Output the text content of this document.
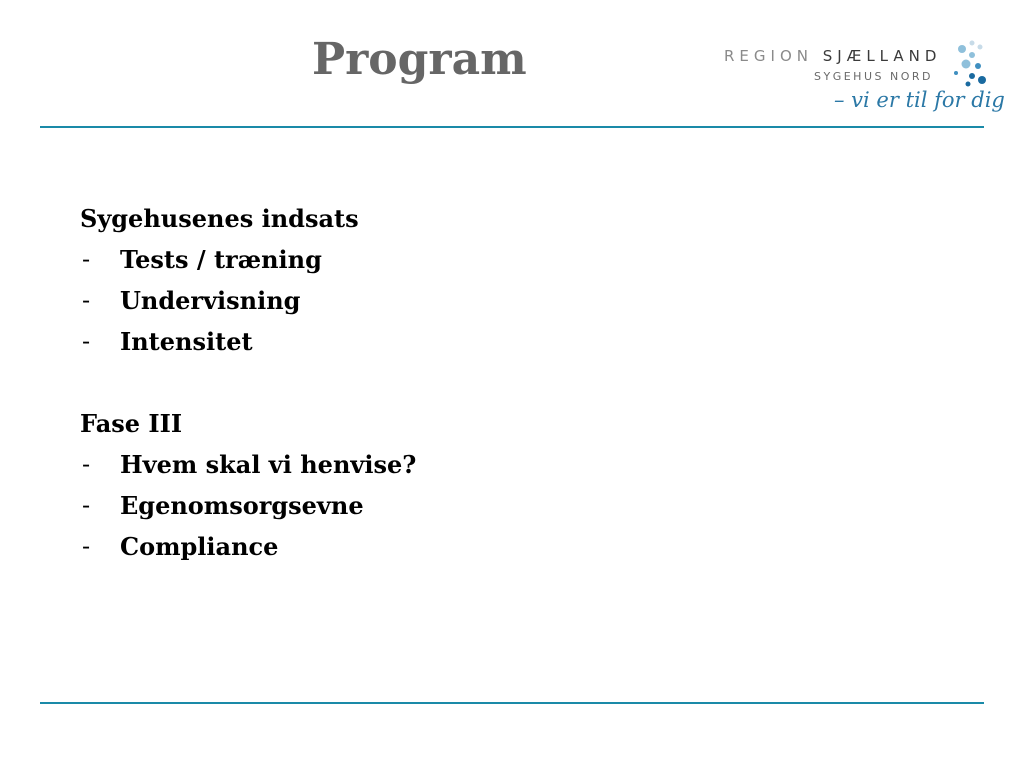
Program	REGION SJÆLLAND
SYGEHUS NORD
– vi er til for dig
Sygehusenes indsats
- Tests / træning
- Undervisning
- Intensitet
Fase III
- Hvem skal vi henvise?
- Egenomsorgsevne
- Compliance
